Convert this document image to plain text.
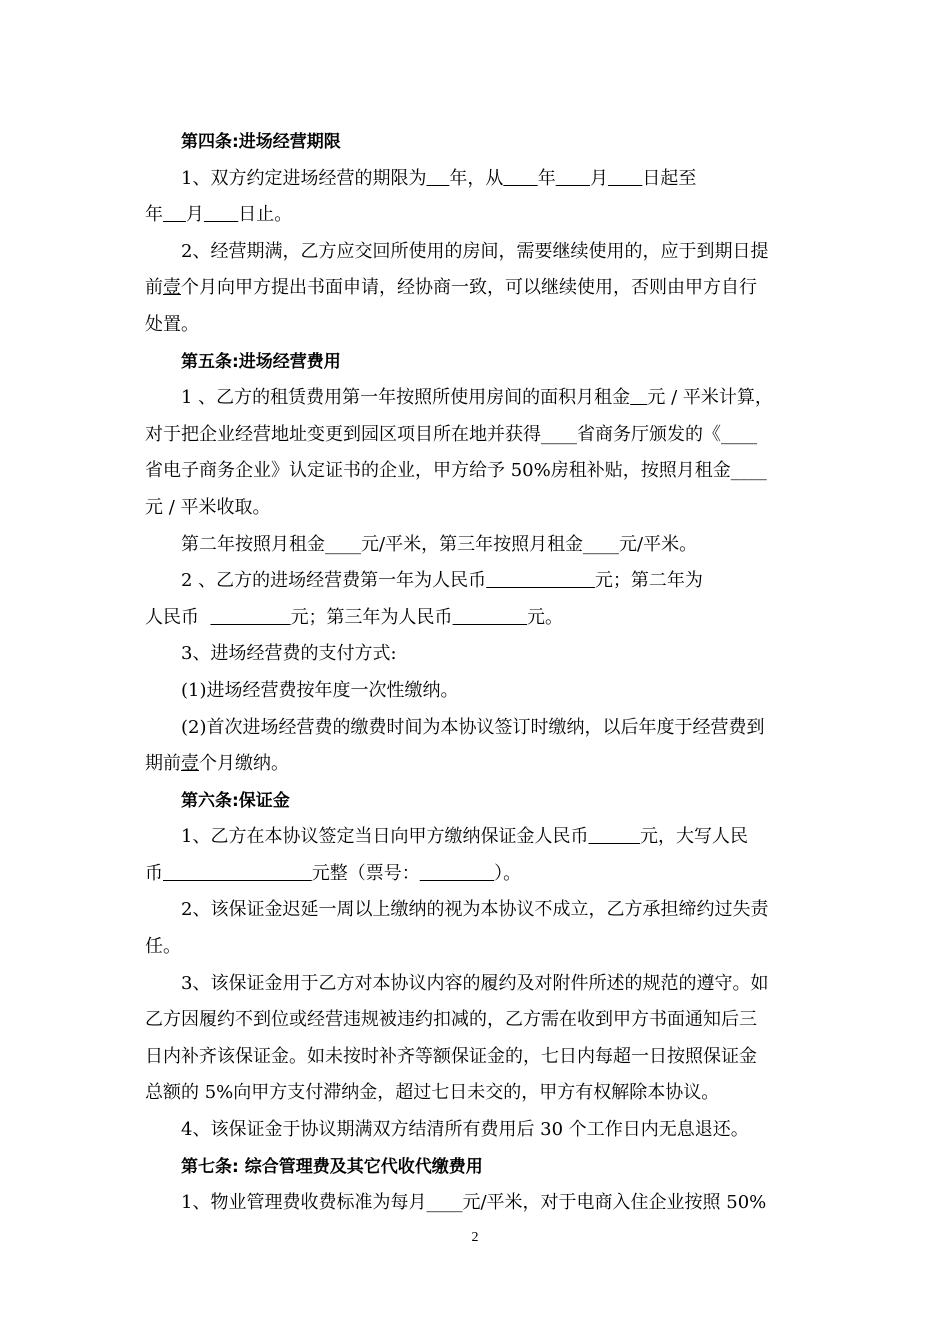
第四条:进场经营期限
1、双方约定进场经营的期限为 年，从 年 月 日起至
年 月 日止。
2、经营期满，乙方应交回所使用的房间，需要继续使用的，应于到期日提
前壹个月向甲方提出书面申请，经协商一致，可以继续使用，否则由甲方自行
处置。
第五条:进场经营费用
1 、乙方的租赁费用第一年按照所使用房间的面积月租金 元 / 平米计算，
对于把企业经营地址变更到园区项目所在地并获得____省商务厅颁发的《____
省电子商务企业》认定证书的企业，甲方给予 50%房租补贴，按照月租金____
元 / 平米收取。
第二年按照月租金____元/平米，第三年按照月租金____元/平米。
2 、乙方的进场经营费第一年为人民币	元；第二年为
人民币	元；第三年为人民币	元。
3、进场经营费的支付方式:
(1)进场经营费按年度一次性缴纳。
(2)首次进场经营费的缴费时间为本协议签订时缴纳，以后年度于经营费到
期前壹个月缴纳。
第六条:保证金
1、乙方在本协议签定当日向甲方缴纳保证金人民币	元，大写人民
币	元整（票号：	）。
2、该保证金迟延一周以上缴纳的视为本协议不成立，乙方承担缔约过失责
任。
3、该保证金用于乙方对本协议内容的履约及对附件所述的规范的遵守。如
乙方因履约不到位或经营违规被违约扣减的，乙方需在收到甲方书面通知后三
日内补齐该保证金。如未按时补齐等额保证金的，七日内每超一日按照保证金
总额的 5%向甲方支付滞纳金，超过七日未交的，甲方有权解除本协议。
4、该保证金于协议期满双方结清所有费用后 30 个工作日内无息退还。
第七条: 综合管理费及其它代收代缴费用
1、物业管理费收费标准为每月____元/平米，对于电商入住企业按照 50%
2
